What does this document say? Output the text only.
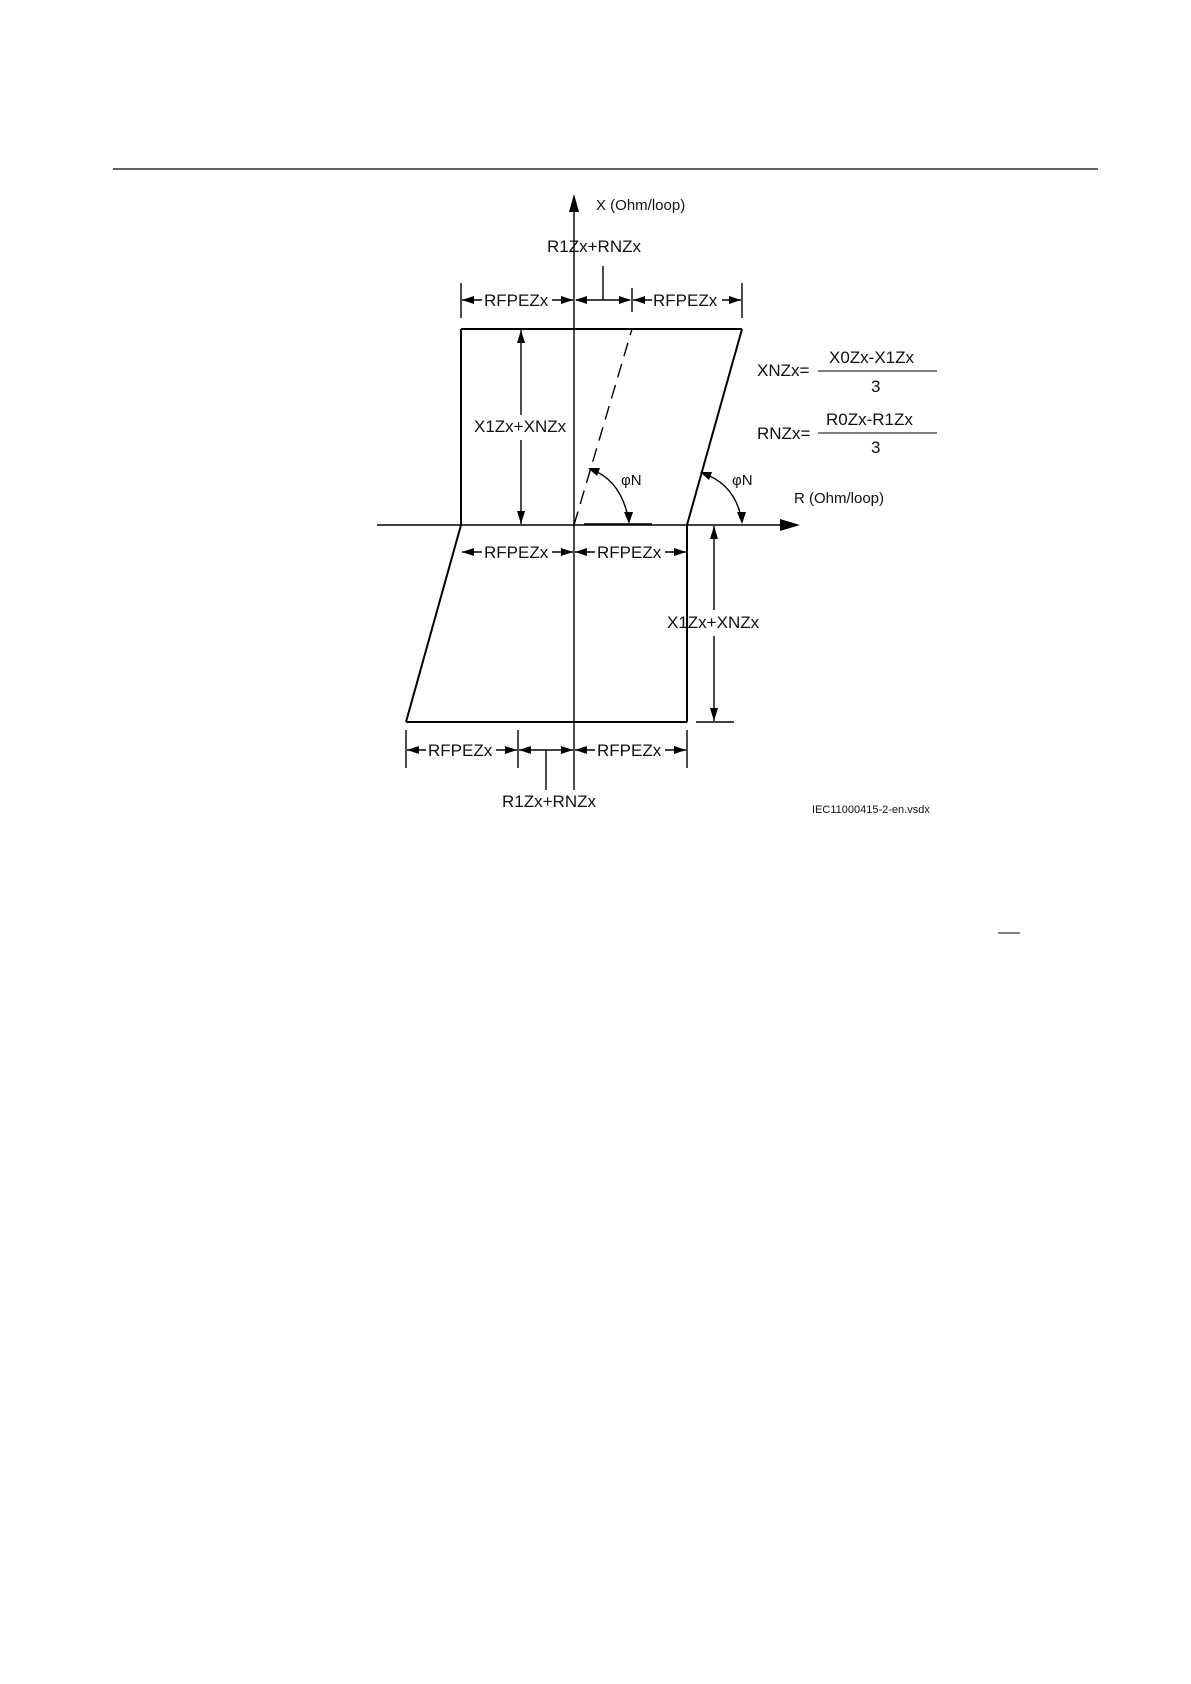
X (Ohm/loop)
R (Ohm/loop)
R1Zx+RNZx
RFPEZx	RFPEZx
X1Zx+XNZx
φN	φN
XNZx=
X0Zx-X1Zx
3
RNZx=
R0Zx-R1Zx
3
RFPEZx	RFPEZx
X1Zx+XNZx
RFPEZx	RFPEZx
R1Zx+RNZx	IEC11000415-2-en.vsdx
